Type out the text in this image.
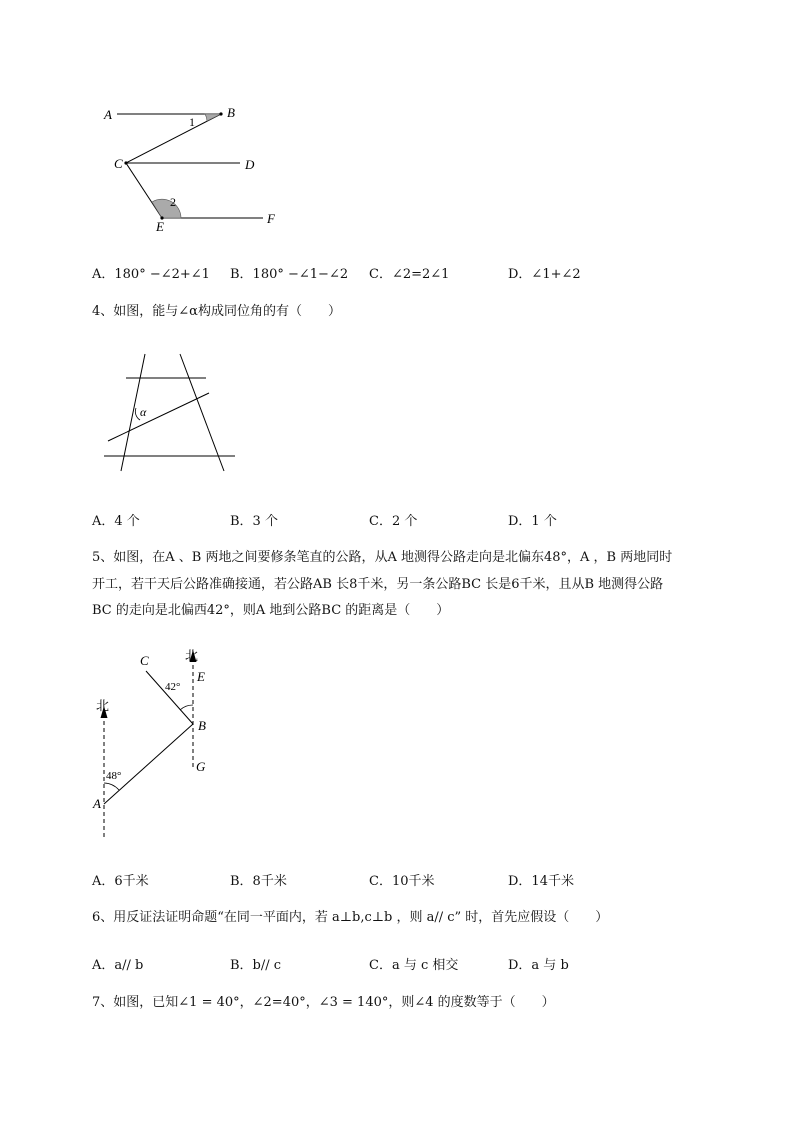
A	B
C	D
E
F
1
2
A．180° −∠2+∠1 B．180° −∠1−∠2 C．∠2=2∠1	D．∠1+∠2
4、如图，能与∠α构成同位角的有（　　）
α
A．4 个	B．3 个	C．2 个	D．1 个
5、如图，在A 、B 两地之间要修条笔直的公路，从A 地测得公路走向是北偏东48°，A ，B 两地同时
开工，若干天后公路准确接通，若公路AB 长8千米，另一条公路BC 长是6千米，且从B 地测得公路
BC 的走向是北偏西42°，则A 地到公路BC 的距离是（　　）
北
北
C
E
B
G
A
42°
48°
A．6千米	B．8千米	C．10千米	D．14千米
6、用反证法证明命题“在同一平面内，若 a⊥b,c⊥b ，则 a// c” 时，首先应假设（　　）
A．a// b	B．b// c	C．a 与 c 相交	D．a 与 b
7、如图，已知∠1 = 40°，∠2=40°，∠3 = 140°，则∠4 的度数等于（　　）
